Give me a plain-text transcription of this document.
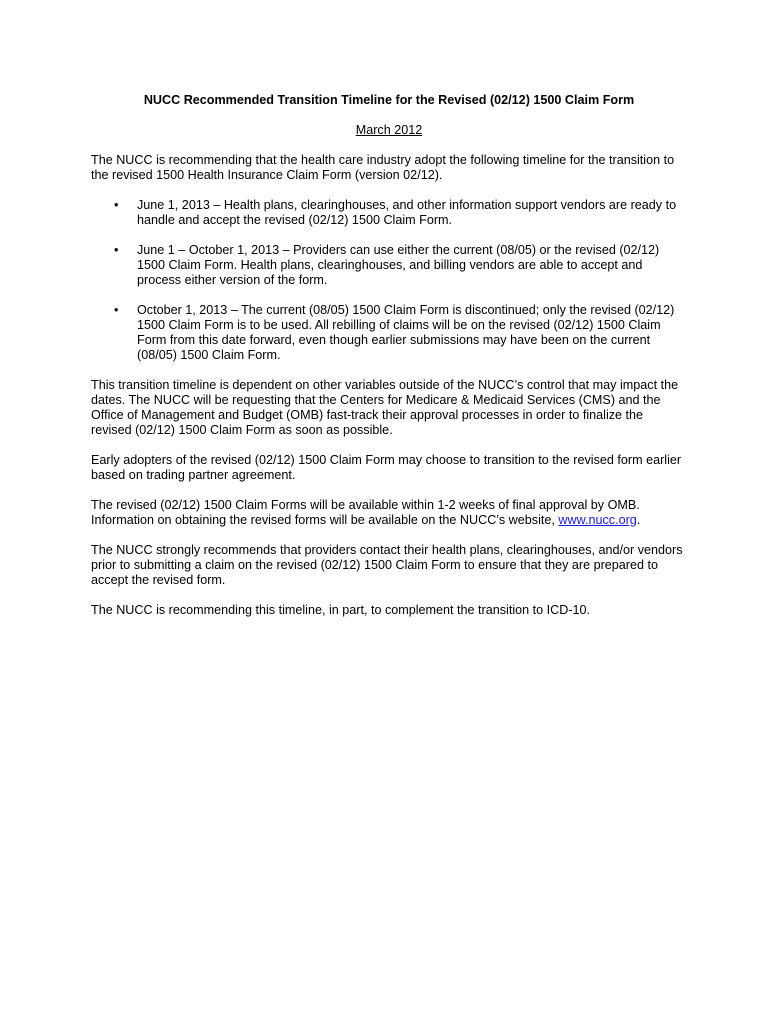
NUCC Recommended Transition Timeline for the Revised (02/12) 1500 Claim Form

March 2012

The NUCC is recommending that the health care industry adopt the following timeline for the transition to the revised 1500 Health Insurance Claim Form (version 02/12).

• June 1, 2013 – Health plans, clearinghouses, and other information support vendors are ready to handle and accept the revised (02/12) 1500 Claim Form.
• June 1 – October 1, 2013 – Providers can use either the current (08/05) or the revised (02/12) 1500 Claim Form. Health plans, clearinghouses, and billing vendors are able to accept and process either version of the form.
• October 1, 2013 – The current (08/05) 1500 Claim Form is discontinued; only the revised (02/12) 1500 Claim Form is to be used. All rebilling of claims will be on the revised (02/12) 1500 Claim Form from this date forward, even though earlier submissions may have been on the current (08/05) 1500 Claim Form.

This transition timeline is dependent on other variables outside of the NUCC’s control that may impact the dates. The NUCC will be requesting that the Centers for Medicare & Medicaid Services (CMS) and the Office of Management and Budget (OMB) fast-track their approval processes in order to finalize the revised (02/12) 1500 Claim Form as soon as possible.

Early adopters of the revised (02/12) 1500 Claim Form may choose to transition to the revised form earlier based on trading partner agreement.

The revised (02/12) 1500 Claim Forms will be available within 1-2 weeks of final approval by OMB. Information on obtaining the revised forms will be available on the NUCC’s website, www.nucc.org.

The NUCC strongly recommends that providers contact their health plans, clearinghouses, and/or vendors prior to submitting a claim on the revised (02/12) 1500 Claim Form to ensure that they are prepared to accept the revised form.

The NUCC is recommending this timeline, in part, to complement the transition to ICD-10.
